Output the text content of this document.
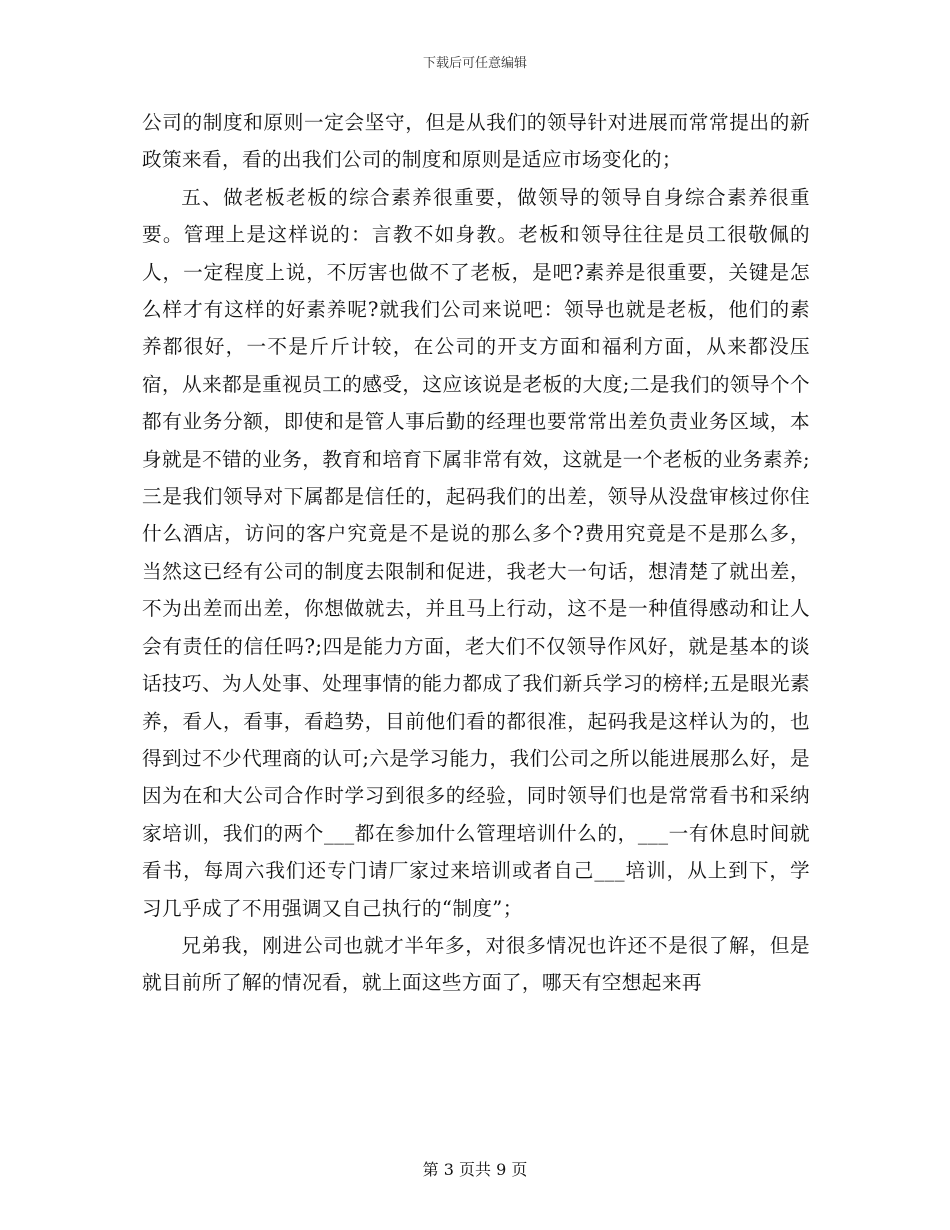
下载后可任意编辑

公司的制度和原则一定会坚守，但是从我们的领导针对进展而常常提出的新政策来看，看的出我们公司的制度和原则是适应市场变化的；

五、做老板老板的综合素养很重要，做领导的领导自身综合素养很重要。管理上是这样说的：言教不如身教。老板和领导往往是员工很敬佩的人，一定程度上说，不厉害也做不了老板，是吧?素养是很重要，关键是怎么样才有这样的好素养呢?就我们公司来说吧：领导也就是老板，他们的素养都很好，一不是斤斤计较，在公司的开支方面和福利方面，从来都没压宿，从来都是重视员工的感受，这应该说是老板的大度;二是我们的领导个个都有业务分额，即使和是管人事后勤的经理也要常常出差负责业务区域，本身就是不错的业务，教育和培育下属非常有效，这就是一个老板的业务素养;三是我们领导对下属都是信任的，起码我们的出差，领导从没盘审核过你住什么酒店，访问的客户究竟是不是说的那么多个?费用究竟是不是那么多，当然这已经有公司的制度去限制和促进，我老大一句话，想清楚了就出差，不为出差而出差，你想做就去，并且马上行动，这不是一种值得感动和让人会有责任的信任吗?;四是能力方面，老大们不仅领导作风好，就是基本的谈话技巧、为人处事、处理事情的能力都成了我们新兵学习的榜样;五是眼光素养，看人，看事，看趋势，目前他们看的都很准，起码我是这样认为的，也得到过不少代理商的认可;六是学习能力，我们公司之所以能进展那么好，是因为在和大公司合作时学习到很多的经验，同时领导们也是常常看书和采纳家培训，我们的两个___都在参加什么管理培训什么的，___一有休息时间就看书，每周六我们还专门请厂家过来培训或者自己___培训，从上到下，学习几乎成了不用强调又自己执行的“制度”；

兄弟我，刚进公司也就才半年多，对很多情况也许还不是很了解，但是就目前所了解的情况看，就上面这些方面了，哪天有空想起来再

第 3 页共 9 页
